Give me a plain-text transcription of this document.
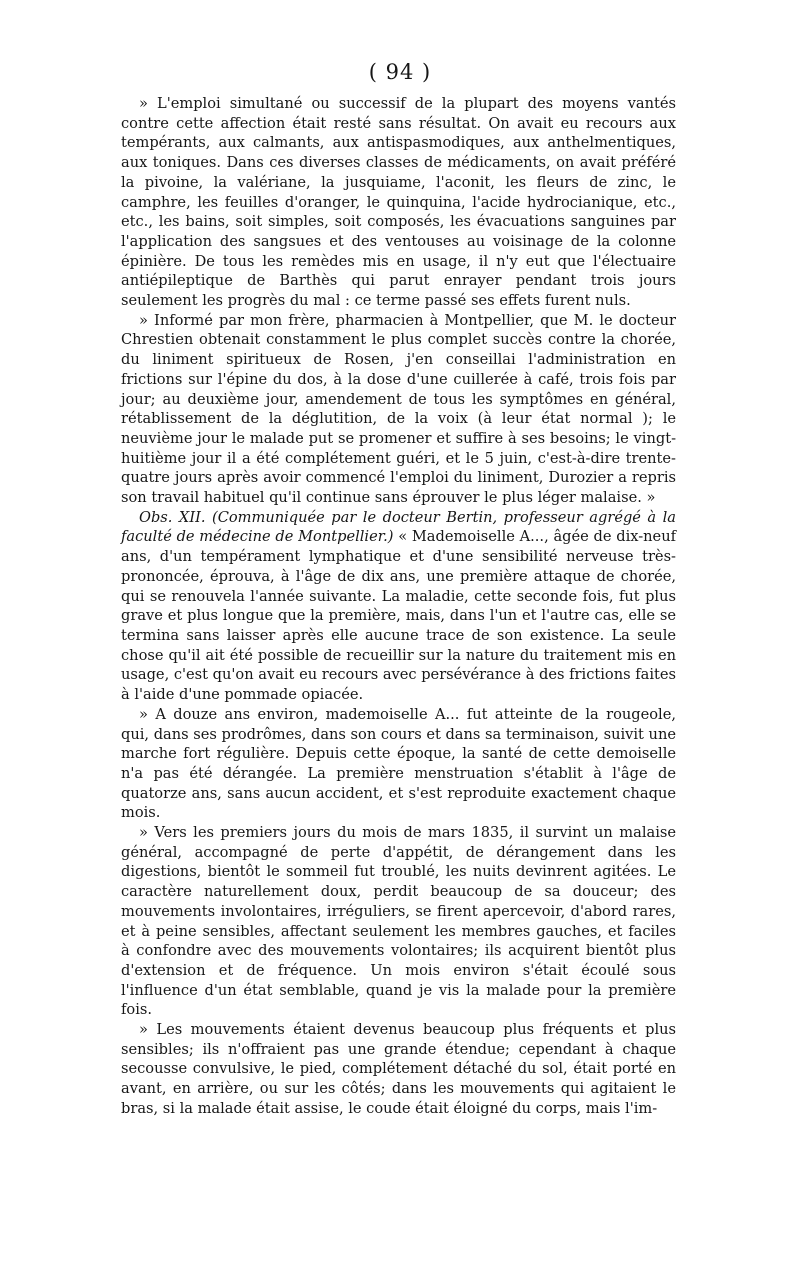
( 94 )

» L'emploi simultané ou successif de la plupart des moyens vantés contre cette affection était resté sans résultat. On avait eu recours aux tempérants, aux calmants, aux antispasmodiques, aux anthelmentiques, aux toniques. Dans ces diverses classes de médicaments, on avait préféré la pivoine, la valériane, la jusquiame, l'aconit, les fleurs de zinc, le camphre, les feuilles d'oranger, le quinquina, l'acide hydrocianique, etc., etc., les bains, soit simples, soit composés, les évacuations sanguines par l'application des sangsues et des ventouses au voisinage de la colonne épinière. De tous les remèdes mis en usage, il n'y eut que l'électuaire antiépileptique de Barthès qui parut enrayer pendant trois jours seulement les progrès du mal : ce terme passé ses effets furent nuls.

» Informé par mon frère, pharmacien à Montpellier, que M. le docteur Chrestien obtenait constamment le plus complet succès contre la chorée, du liniment spiritueux de Rosen, j'en conseillai l'administration en frictions sur l'épine du dos, à la dose d'une cuillerée à café, trois fois par jour; au deuxième jour, amendement de tous les symptômes en général, rétablissement de la déglutition, de la voix (à leur état normal ); le neuvième jour le malade put se promener et suffire à ses besoins; le vingt-huitième jour il a été complétement guéri, et le 5 juin, c'est-à-dire trente-quatre jours après avoir commencé l'emploi du liniment, Durozier a repris son travail habituel qu'il continue sans éprouver le plus léger malaise. »

Obs. XII. (Communiquée par le docteur Bertin, professeur agrégé à la faculté de médecine de Montpellier.) « Mademoiselle A..., âgée de dix-neuf ans, d'un tempérament lymphatique et d'une sensibilité nerveuse très-prononcée, éprouva, à l'âge de dix ans, une première attaque de chorée, qui se renouvela l'année suivante. La maladie, cette seconde fois, fut plus grave et plus longue que la première, mais, dans l'un et l'autre cas, elle se termina sans laisser après elle aucune trace de son existence. La seule chose qu'il ait été possible de recueillir sur la nature du traitement mis en usage, c'est qu'on avait eu recours avec persévérance à des frictions faites à l'aide d'une pommade opiacée.

» A douze ans environ, mademoiselle A... fut atteinte de la rougeole, qui, dans ses prodrômes, dans son cours et dans sa terminaison, suivit une marche fort régulière. Depuis cette époque, la santé de cette demoiselle n'a pas été dérangée. La première menstruation s'établit à l'âge de quatorze ans, sans aucun accident, et s'est reproduite exactement chaque mois.

» Vers les premiers jours du mois de mars 1835, il survint un malaise général, accompagné de perte d'appétit, de dérangement dans les digestions, bientôt le sommeil fut troublé, les nuits devinrent agitées. Le caractère naturellement doux, perdit beaucoup de sa douceur; des mouvements involontaires, irréguliers, se firent apercevoir, d'abord rares, et à peine sensibles, affectant seulement les membres gauches, et faciles à confondre avec des mouvements volontaires; ils acquirent bientôt plus d'extension et de fréquence. Un mois environ s'était écoulé sous l'influence d'un état semblable, quand je vis la malade pour la première fois.

» Les mouvements étaient devenus beaucoup plus fréquents et plus sensibles; ils n'offraient pas une grande étendue; cependant à chaque secousse convulsive, le pied, complétement détaché du sol, était porté en avant, en arrière, ou sur les côtés; dans les mouvements qui agitaient le bras, si la malade était assise, le coude était éloigné du corps, mais l'im-
